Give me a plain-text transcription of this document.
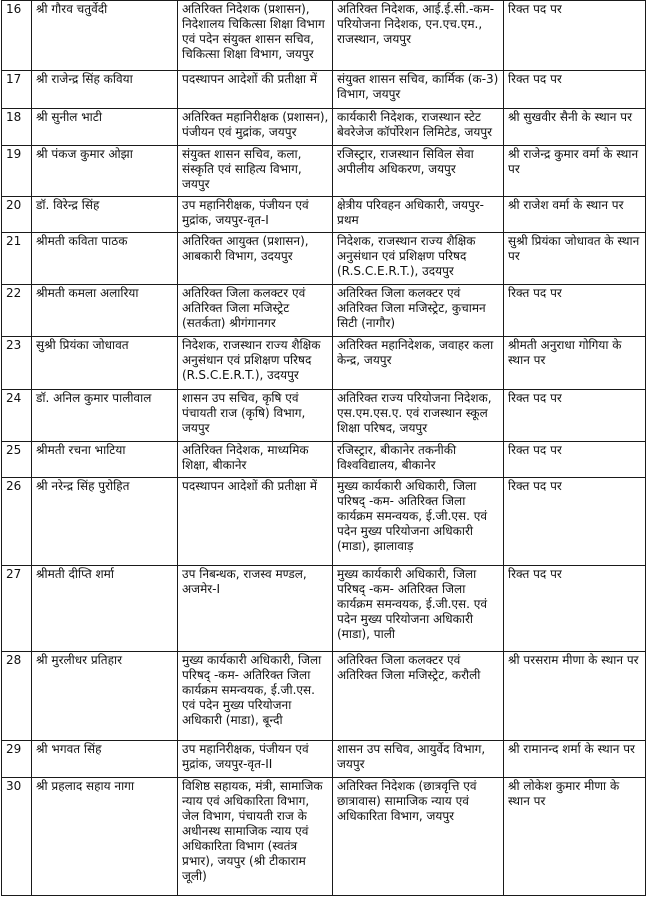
16	श्री गौरव चतुर्वेदी	अतिरिक्त निदेशक (प्रशासन), निदेशालय चिकित्सा शिक्षा विभाग एवं पदेन संयुक्त शासन सचिव, चिकित्सा शिक्षा विभाग, जयपुर	अतिरिक्त निदेशक, आई.ई.सी.-कम-परियोजना निदेशक, एन.एच.एम., राजस्थान, जयपुर	रिक्त पद पर
17	श्री राजेन्द्र सिंह कविया	पदस्थापन आदेशों की प्रतीक्षा में	संयुक्त शासन सचिव, कार्मिक (क-3) विभाग, जयपुर	रिक्त पद पर
18	श्री सुनील भाटी	अतिरिक्त महानिरीक्षक (प्रशासन), पंजीयन एवं मुद्रांक, जयपुर	कार्यकारी निदेशक, राजस्थान स्टेट बेवरेजेज कॉर्पोरेशन लिमिटेड, जयपुर	श्री सुखवीर सैनी के स्थान पर
19	श्री पंकज कुमार ओझा	संयुक्त शासन सचिव, कला, संस्कृति एवं साहित्य विभाग, जयपुर	रजिस्ट्रार, राजस्थान सिविल सेवा अपीलीय अधिकरण, जयपुर	श्री राजेन्द्र कुमार वर्मा के स्थान पर
20	डॉ. विरेन्द्र सिंह	उप महानिरीक्षक, पंजीयन एवं मुद्रांक, जयपुर-वृत-I	क्षेत्रीय परिवहन अधिकारी, जयपुर-प्रथम	श्री राजेश वर्मा के स्थान पर
21	श्रीमती कविता पाठक	अतिरिक्त आयुक्त (प्रशासन), आबकारी विभाग, उदयपुर	निदेशक, राजस्थान राज्य शैक्षिक अनुसंधान एवं प्रशिक्षण परिषद (R.S.C.E.R.T.), उदयपुर	सुश्री प्रियंका जोधावत के स्थान पर
22	श्रीमती कमला अलारिया	अतिरिक्त जिला कलक्टर एवं अतिरिक्त जिला मजिस्ट्रेट (सतर्कता) श्रीगंगानगर	अतिरिक्त जिला कलक्टर एवं अतिरिक्त जिला मजिस्ट्रेट, कुचामन सिटी (नागौर)	रिक्त पद पर
23	सुश्री प्रियंका जोधावत	निदेशक, राजस्थान राज्य शैक्षिक अनुसंधान एवं प्रशिक्षण परिषद (R.S.C.E.R.T.), उदयपुर	अतिरिक्त महानिदेशक, जवाहर कला केन्द्र, जयपुर	श्रीमती अनुराधा गोगिया के स्थान पर
24	डॉ. अनिल कुमार पालीवाल	शासन उप सचिव, कृषि एवं पंचायती राज (कृषि) विभाग, जयपुर	अतिरिक्त राज्य परियोजना निदेशक, एस.एम.एस.ए. एवं राजस्थान स्कूल शिक्षा परिषद, जयपुर	रिक्त पद पर
25	श्रीमती रचना भाटिया	अतिरिक्त निदेशक, माध्यमिक शिक्षा, बीकानेर	रजिस्ट्रार, बीकानेर तकनीकी विश्वविद्यालय, बीकानेर	रिक्त पद पर
26	श्री नरेन्द्र सिंह पुरोहित	पदस्थापन आदेशों की प्रतीक्षा में	मुख्य कार्यकारी अधिकारी, जिला परिषद् -कम- अतिरिक्त जिला कार्यक्रम समन्वयक, ई.जी.एस. एवं पदेन मुख्य परियोजना अधिकारी (माडा), झालावाड़	रिक्त पद पर
27	श्रीमती दीप्ति शर्मा	उप निबन्धक, राजस्व मण्डल, अजमेर-I	मुख्य कार्यकारी अधिकारी, जिला परिषद् -कम- अतिरिक्त जिला कार्यक्रम समन्वयक, ई.जी.एस. एवं पदेन मुख्य परियोजना अधिकारी (माडा), पाली	रिक्त पद पर
28	श्री मुरलीधर प्रतिहार	मुख्य कार्यकारी अधिकारी, जिला परिषद् -कम- अतिरिक्त जिला कार्यक्रम समन्वयक, ई.जी.एस. एवं पदेन मुख्य परियोजना अधिकारी (माडा), बून्दी	अतिरिक्त जिला कलक्टर एवं अतिरिक्त जिला मजिस्ट्रेट, करौली	श्री परसराम मीणा के स्थान पर
29	श्री भगवत सिंह	उप महानिरीक्षक, पंजीयन एवं मुद्रांक, जयपुर-वृत-II	शासन उप सचिव, आयुर्वेद विभाग, जयपुर	श्री रामानन्द शर्मा के स्थान पर
30	श्री प्रहलाद सहाय नागा	विशिष्ठ सहायक, मंत्री, सामाजिक न्याय एवं अधिकारिता विभाग, जेल विभाग, पंचायती राज के अधीनस्थ सामाजिक न्याय एवं अधिकारिता विभाग (स्वतंत्र प्रभार), जयपुर (श्री टीकाराम जूली)	अतिरिक्त निदेशक (छात्रवृत्ति एवं छात्रावास) सामाजिक न्याय एवं अधिकारिता विभाग, जयपुर	श्री लोकेश कुमार मीणा के स्थान पर
